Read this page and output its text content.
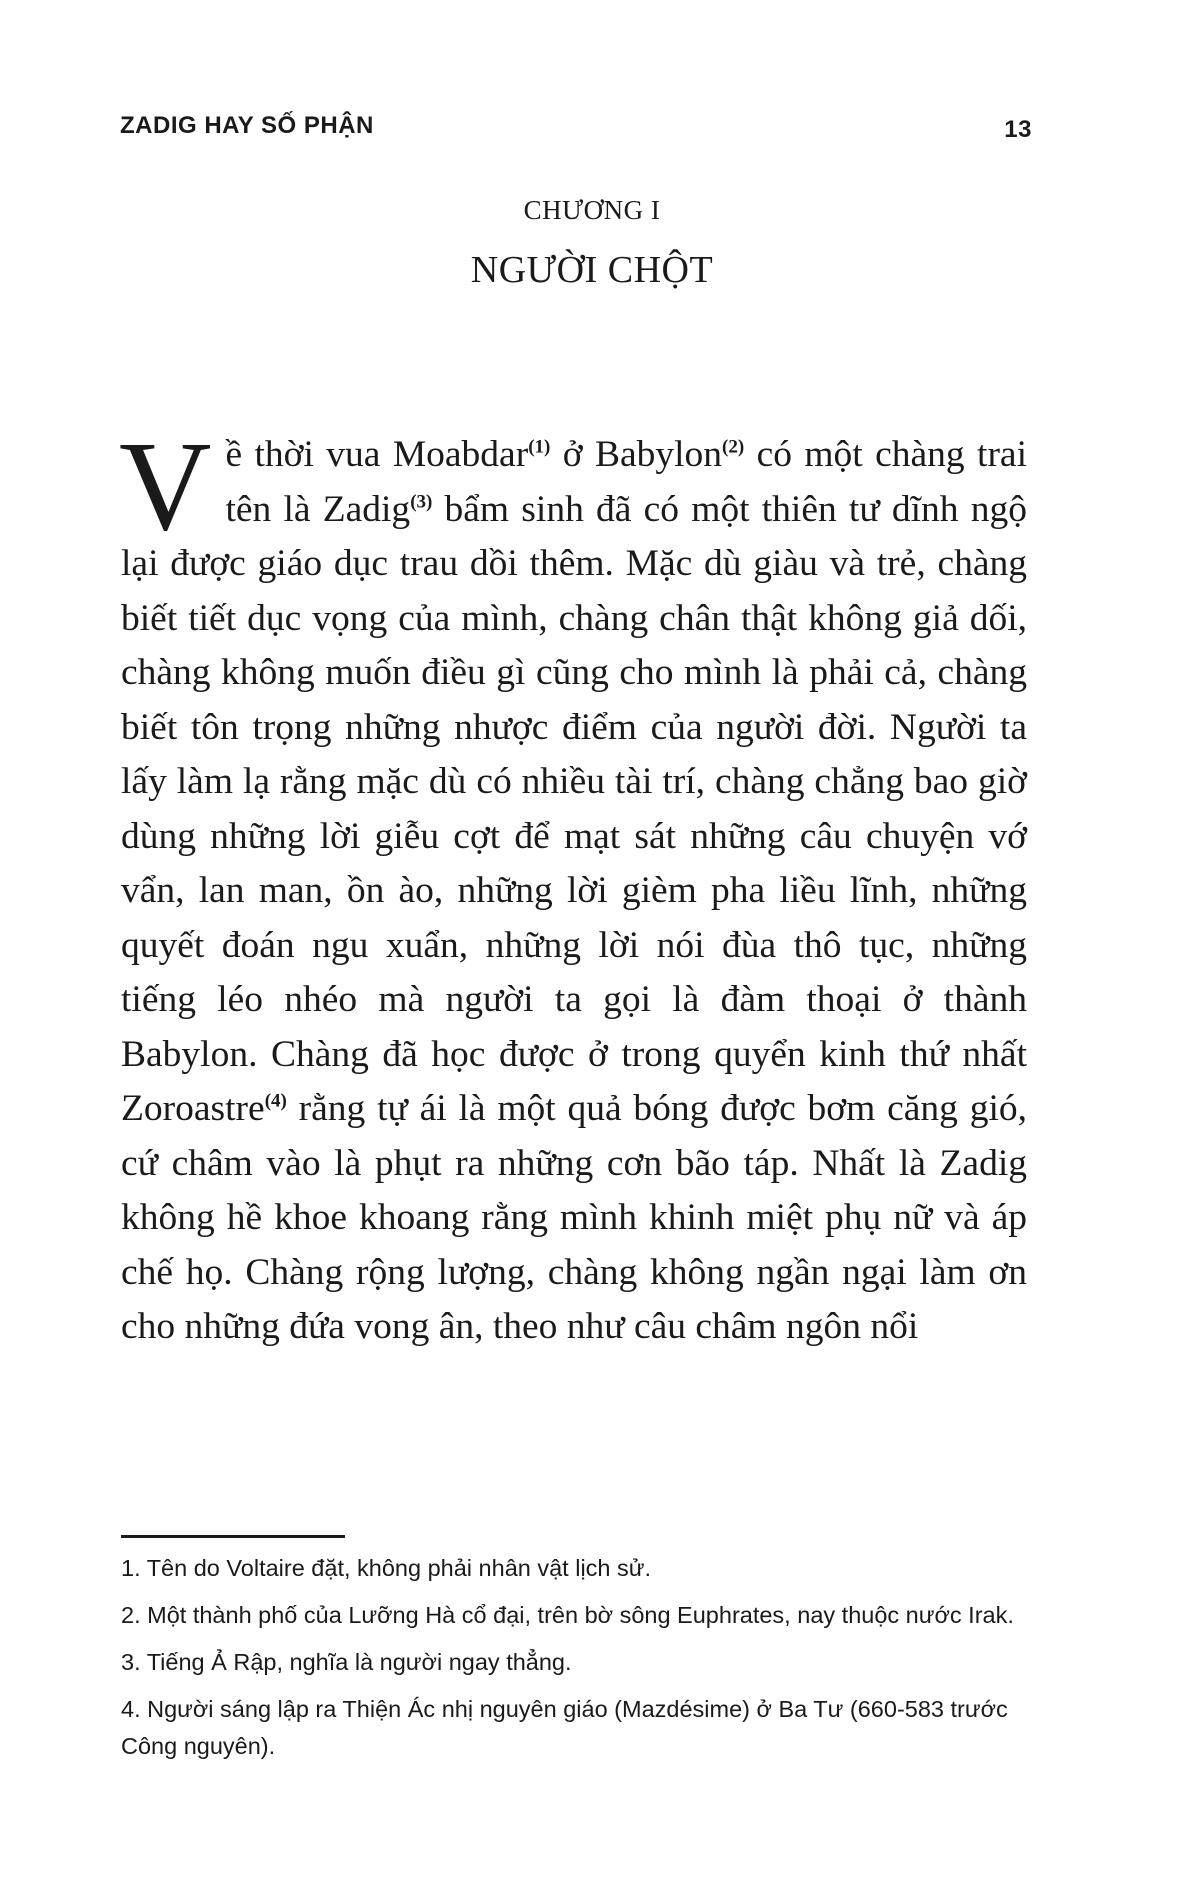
ZADIG HAY SỐ PHẬN	13
CHƯƠNG I
NGƯỜI CHỘT

Về thời vua Moabdar$^{(1)}$ ở Babylon$^{(2)}$ có một chàng trai tên là Zadig$^{(3)}$ bẩm sinh đã có một thiên tư dĩnh ngộ lại được giáo dục trau dồi thêm. Mặc dù giàu và trẻ, chàng biết tiết dục vọng của mình, chàng chân thật không giả dối, chàng không muốn điều gì cũng cho mình là phải cả, chàng biết tôn trọng những nhược điểm của người đời. Người ta lấy làm lạ rằng mặc dù có nhiều tài trí, chàng chẳng bao giờ dùng những lời giễu cợt để mạt sát những câu chuyện vớ vẩn, lan man, ồn ào, những lời gièm pha liều lĩnh, những quyết đoán ngu xuẩn, những lời nói đùa thô tục, những tiếng léo nhéo mà người ta gọi là đàm thoại ở thành Babylon. Chàng đã học được ở trong quyển kinh thứ nhất Zoroastre$^{(4)}$ rằng tự ái là một quả bóng được bơm căng gió, cứ châm vào là phụt ra những cơn bão táp. Nhất là Zadig không hề khoe khoang rằng mình khinh miệt phụ nữ và áp chế họ. Chàng rộng lượng, chàng không ngần ngại làm ơn cho những đứa vong ân, theo như câu châm ngôn nổi

1. Tên do Voltaire đặt, không phải nhân vật lịch sử.
2. Một thành phố của Lưỡng Hà cổ đại, trên bờ sông Euphrates, nay thuộc nước Irak.
3. Tiếng Ả Rập, nghĩa là người ngay thẳng.
4. Người sáng lập ra Thiện Ác nhị nguyên giáo (Mazdésime) ở Ba Tư (660-583 trước Công nguyên).
